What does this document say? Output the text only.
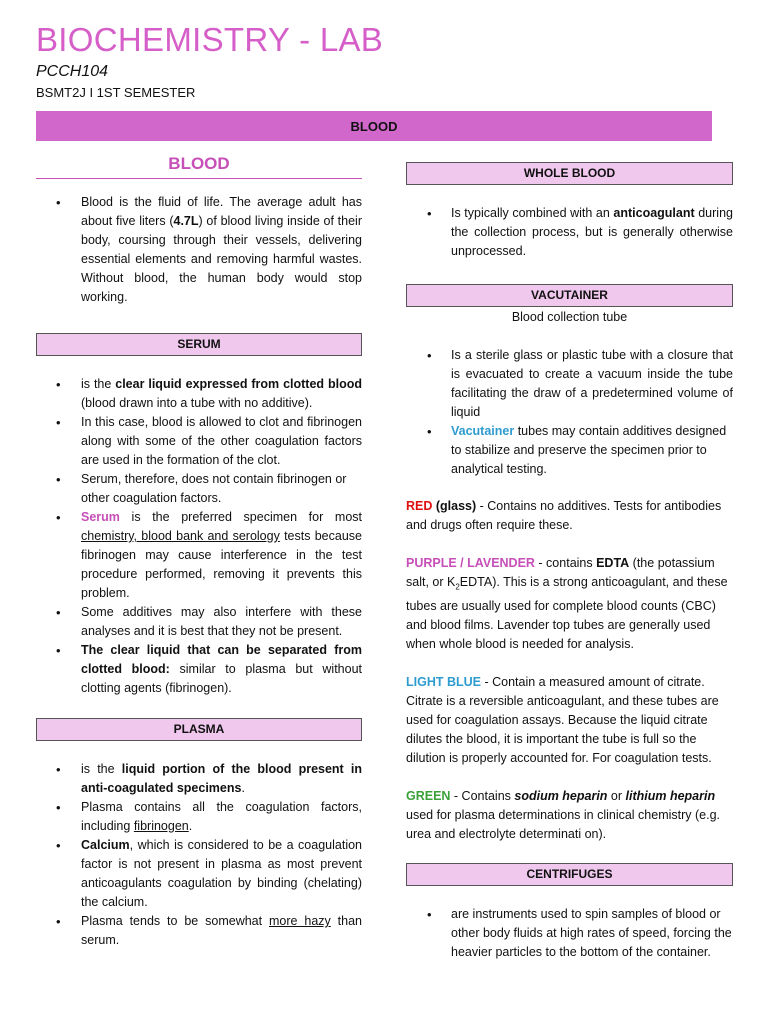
BIOCHEMISTRY - LAB
PCCH104
BSMT2J I 1ST SEMESTER
BLOOD
BLOOD
• Blood is the fluid of life. The average adult has about five liters (4.7L) of blood living inside of their body, coursing through their vessels, delivering essential elements and removing harmful wastes. Without blood, the human body would stop working.
SERUM
• is the clear liquid expressed from clotted blood (blood drawn into a tube with no additive).
• In this case, blood is allowed to clot and fibrinogen along with some of the other coagulation factors are used in the formation of the clot.
• Serum, therefore, does not contain fibrinogen or other coagulation factors.
• Serum is the preferred specimen for most chemistry, blood bank and serology tests because fibrinogen may cause interference in the test procedure performed, removing it prevents this problem.
• Some additives may also interfere with these analyses and it is best that they not be present.
• The clear liquid that can be separated from clotted blood: similar to plasma but without clotting agents (fibrinogen).
PLASMA
• is the liquid portion of the blood present in anti-coagulated specimens.
• Plasma contains all the coagulation factors, including fibrinogen.
• Calcium, which is considered to be a coagulation factor is not present in plasma as most prevent anticoagulants coagulation by binding (chelating) the calcium.
• Plasma tends to be somewhat more hazy than serum.
WHOLE BLOOD
• Is typically combined with an anticoagulant during the collection process, but is generally otherwise unprocessed.
VACUTAINER
Blood collection tube
• Is a sterile glass or plastic tube with a closure that is evacuated to create a vacuum inside the tube facilitating the draw of a predetermined volume of liquid
• Vacutainer tubes may contain additives designed to stabilize and preserve the specimen prior to analytical testing.

RED (glass) - Contains no additives. Tests for antibodies and drugs often require these.

PURPLE / LAVENDER - contains EDTA (the potassium salt, or $K_2EDTA$). This is a strong anticoagulant, and these tubes are usually used for complete blood counts (CBC) and blood films. Lavender top tubes are generally used when whole blood is needed for analysis.

LIGHT BLUE - Contain a measured amount of citrate. Citrate is a reversible anticoagulant, and these tubes are used for coagulation assays. Because the liquid citrate dilutes the blood, it is important the tube is full so the dilution is properly accounted for. For coagulation tests.

GREEN - Contains sodium heparin or lithium heparin used for plasma determinations in clinical chemistry (e.g. urea and electrolyte determinati on).

CENTRIFUGES
• are instruments used to spin samples of blood or other body fluids at high rates of speed, forcing the heavier particles to the bottom of the container.
